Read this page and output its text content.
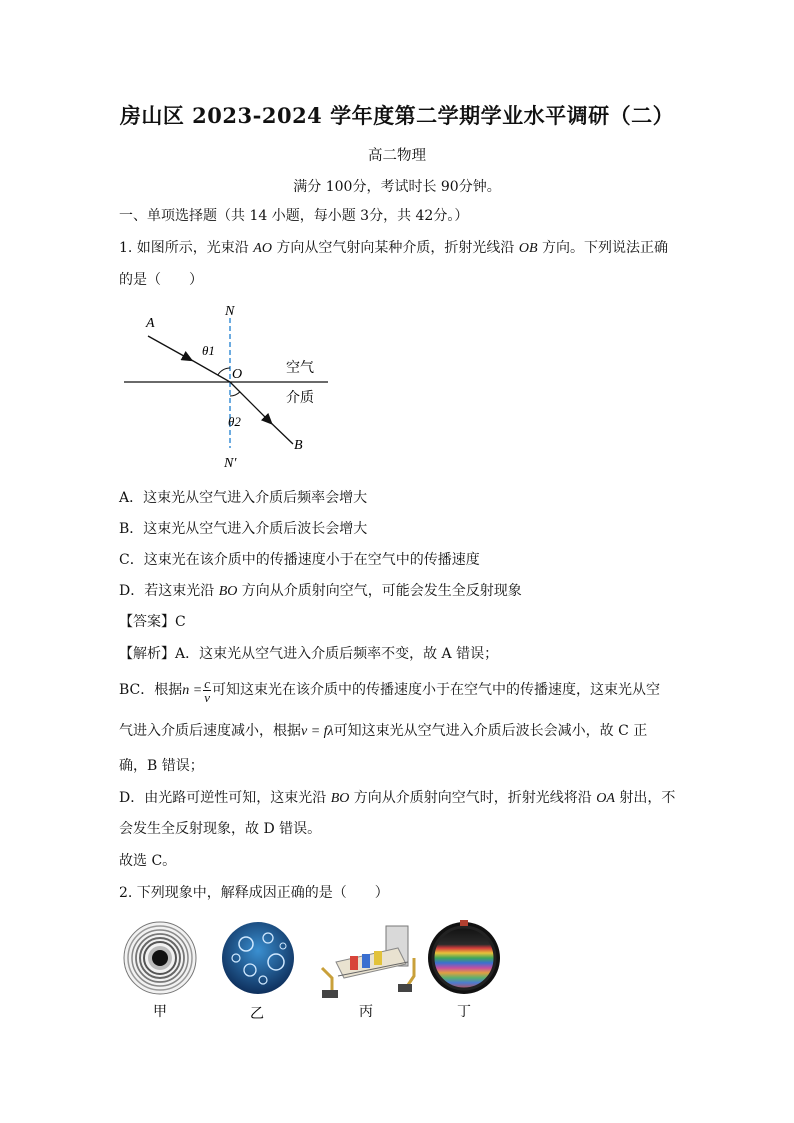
房山区 2023-2024 学年度第二学期学业水平调研（二）
高二物理
满分 100分，考试时长 90分钟。
一、单项选择题（共 14 小题，每小题 3分，共 42分。）
1. 如图所示，光束沿 AO 方向从空气射向某种介质，折射光线沿 OB 方向。下列说法正确
的是（　　）
A
N
θ1
O	空气
介质
θ2
B
N′
A．这束光从空气进入介质后频率会增大
B．这束光从空气进入介质后波长会增大
C．这束光在该介质中的传播速度小于在空气中的传播速度
D．若这束光沿 BO 方向从介质射向空气，可能会发生全反射现象
【答案】C
【解析】A．这束光从空气进入介质后频率不变，故 A 错误；
BC．根据$n = \frac{c}{v}$ 可知这束光在该介质中的传播速度小于在空气中的传播速度，这束光从空
气进入介质后速度减小，根据v = fλ可知这束光从空气进入介质后波长会减小，故 C 正
确，B 错误；
D．由光路可逆性可知，这束光沿 BO 方向从介质射向空气时，折射光线将沿 OA 射出，不
会发生全反射现象，故 D 错误。
故选 C。
2. 下列现象中，解释成因正确的是（　　）
甲	乙	丙	丁
